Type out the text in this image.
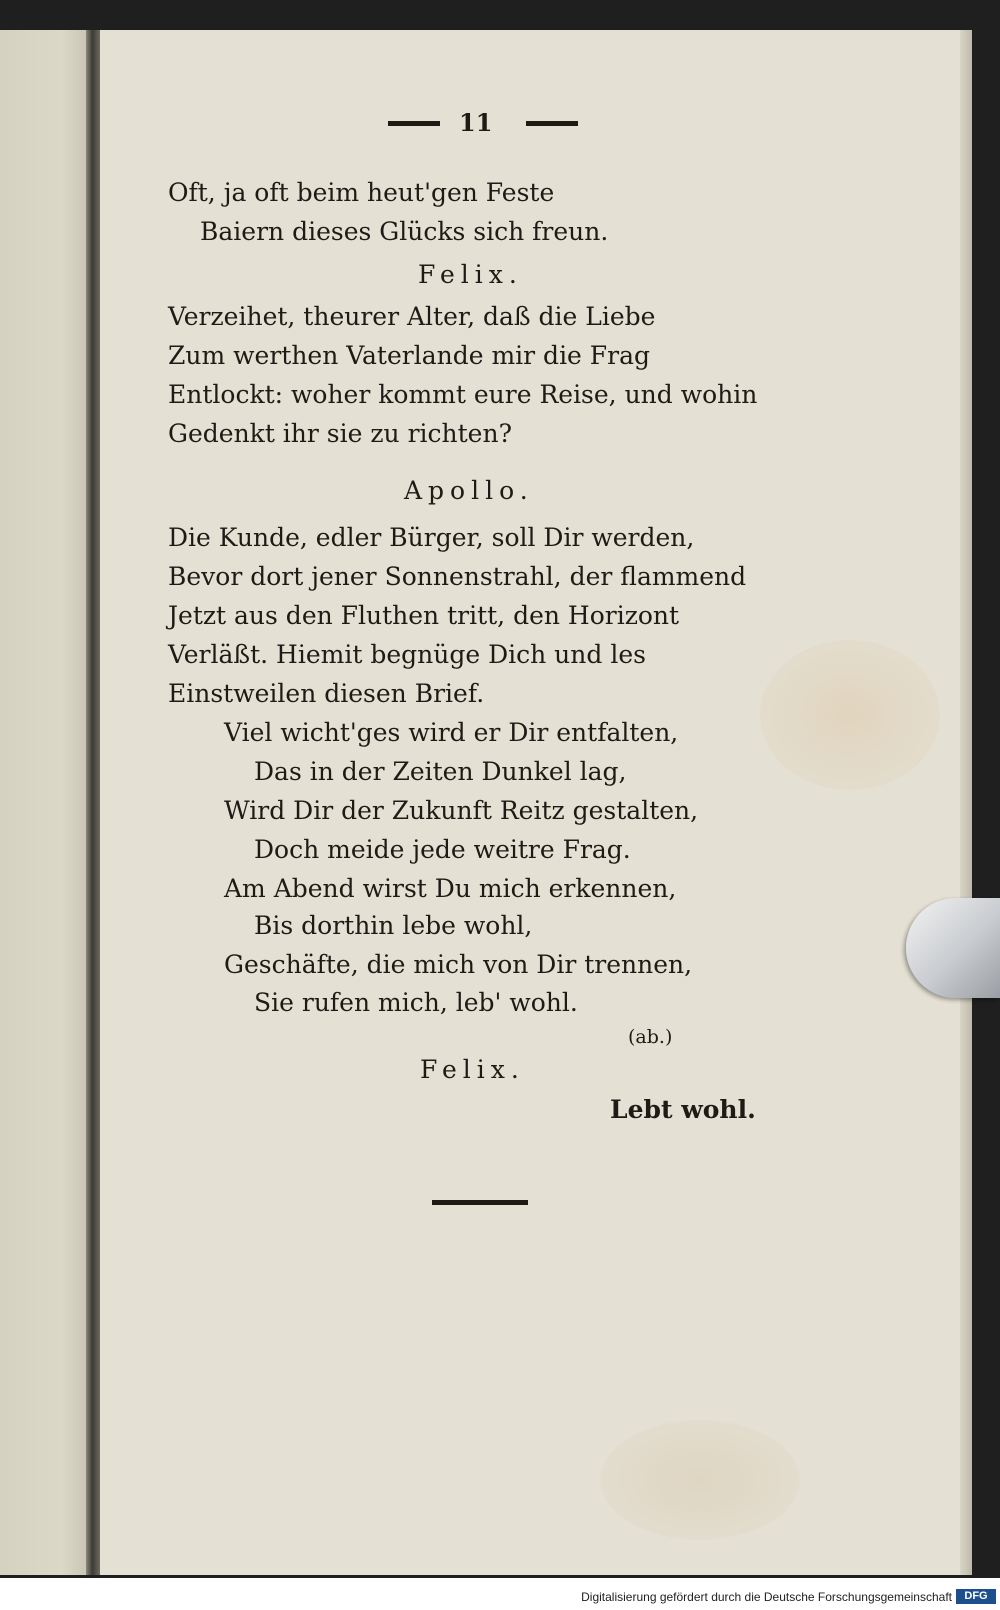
11
Oft, ja oft beim heut'gen Feste
Baiern dieses Glücks sich freun.
Felix.
Verzeihet, theurer Alter, daß die Liebe
Zum werthen Vaterlande mir die Frag
Entlockt: woher kommt eure Reise, und wohin
Gedenkt ihr sie zu richten?
Apollo.
Die Kunde, edler Bürger, soll Dir werden,
Bevor dort jener Sonnenstrahl, der flammend
Jetzt aus den Fluthen tritt, den Horizont
Verläßt. Hiemit begnüge Dich und les
Einstweilen diesen Brief.
Viel wicht'ges wird er Dir entfalten,
Das in der Zeiten Dunkel lag,
Wird Dir der Zukunft Reitz gestalten,
Doch meide jede weitre Frag.
Am Abend wirst Du mich erkennen,
Bis dorthin lebe wohl,
Geschäfte, die mich von Dir trennen,
Sie rufen mich, leb' wohl.
(ab.)
Felix.
Lebt wohl.
Digitalisierung gefördert durch die Deutsche Forschungsgemeinschaft	DFG
